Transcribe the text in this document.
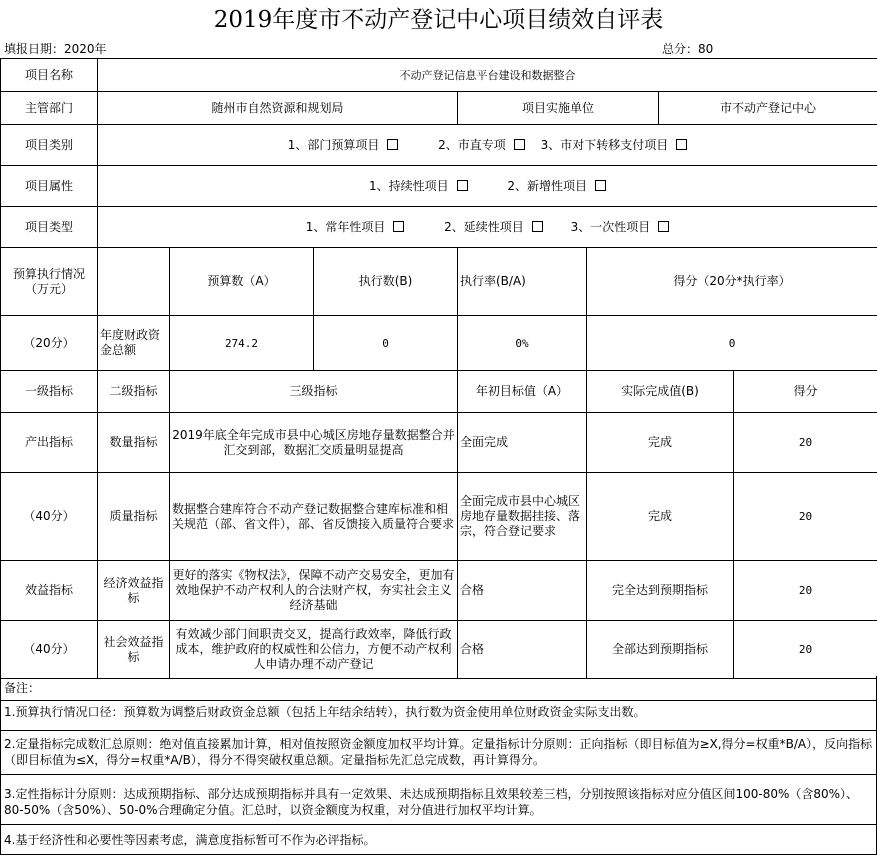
2019年度市不动产登记中心项目绩效自评表
填报日期：2020年	总分：80
项目名称	不动产登记信息平台建设和数据整合						
主管部门	随州市自然资源和规划局			项目实施单位		市不动产登记中心	
项目类别	1、部门预算项目 2、市直专项 3、市对下转移支付项目						
项目属性	1、持续性项目 2、新增性项目						
项目类型	1、常年性项目 2、延续性项目 3、一次性项目						
预算执行情况（万元）		预算数（A）	执行数(B)	执行率(B/A)	得分（20分*执行率）		
（20分）	年度财政资金总额	274.2	0	0%	0		
一级指标	二级指标	三级指标		年初目标值（A）	实际完成值(B)		得分
产出指标	数量指标	2019年底全年完成市县中心城区房地存量数据整合并汇交到部，数据汇交质量明显提高		全面完成	完成		20
（40分）	质量指标	数据整合建库符合不动产登记数据整合建库标准和相关规范（部、省文件），部、省反馈接入质量符合要求		全面完成市县中心城区房地存量数据挂接、落宗，符合登记要求	完成		20
效益指标	经济效益指标	更好的落实《物权法》，保障不动产交易安全，更加有效地保护不动产权利人的合法财产权，夯实社会主义经济基础		合格	完全达到预期指标		20
（40分）	社会效益指标	有效减少部门间职责交叉，提高行政效率，降低行政成本，维护政府的权威性和公信力，方便不动产权利人申请办理不动产登记		合格	全部达到预期指标		20
备注：
1.预算执行情况口径：预算数为调整后财政资金总额（包括上年结余结转），执行数为资金使用单位财政资金实际支出数。
2.定量指标完成数汇总原则：绝对值直接累加计算，相对值按照资金额度加权平均计算。定量指标计分原则：正向指标（即目标值为≥X,得分=权重*B/A），反向指标（即目标值为≤X，得分=权重*A/B），得分不得突破权重总额。定量指标先汇总完成数，再计算得分。
3.定性指标计分原则：达成预期指标、部分达成预期指标并具有一定效果、未达成预期指标且效果较差三档，分别按照该指标对应分值区间100-80%（含80%）、80-50%（含50%）、50-0%合理确定分值。汇总时，以资金额度为权重，对分值进行加权平均计算。
4.基于经济性和必要性等因素考虑，满意度指标暂可不作为必评指标。
